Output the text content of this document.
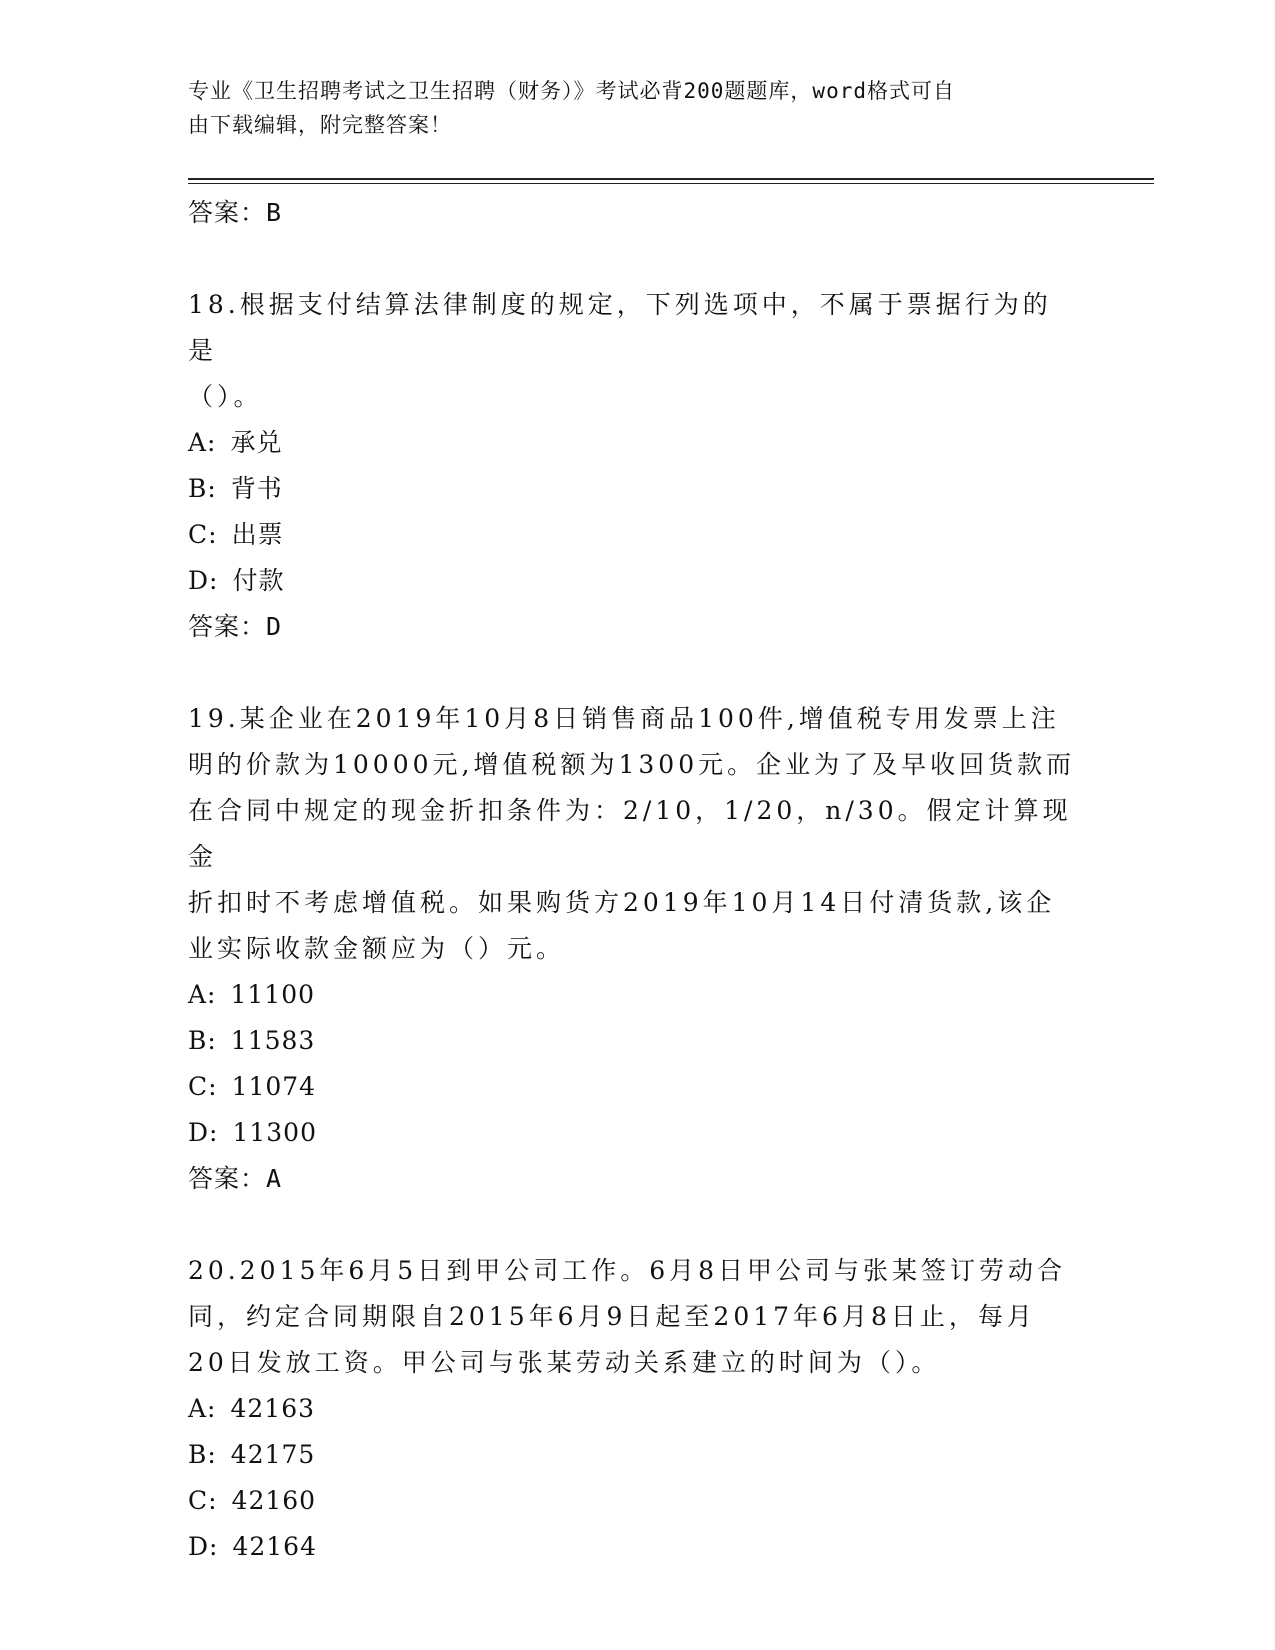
专业《卫生招聘考试之卫生招聘（财务）》考试必背200题题库，word格式可自
由下载编辑，附完整答案！

答案：B

18.根据支付结算法律制度的规定，下列选项中，不属于票据行为的是

（）。

A: 承兑

B: 背书

C: 出票

D: 付款

答案：D

19.某企业在2019年10月8日销售商品100件,增值税专用发票上注

明的价款为10000元,增值税额为1300元。企业为了及早收回货款而

在合同中规定的现金折扣条件为：2/10，1/20，n/30。假定计算现金

折扣时不考虑增值税。如果购货方2019年10月14日付清货款,该企

业实际收款金额应为（）元。

A: 11100

B: 11583

C: 11074

D: 11300

答案：A

20.2015年6月5日到甲公司工作。6月8日甲公司与张某签订劳动合

同，约定合同期限自2015年6月9日起至2017年6月8日止，每月

20日发放工资。甲公司与张某劳动关系建立的时间为（）。

A: 42163

B: 42175

C: 42160

D: 42164
